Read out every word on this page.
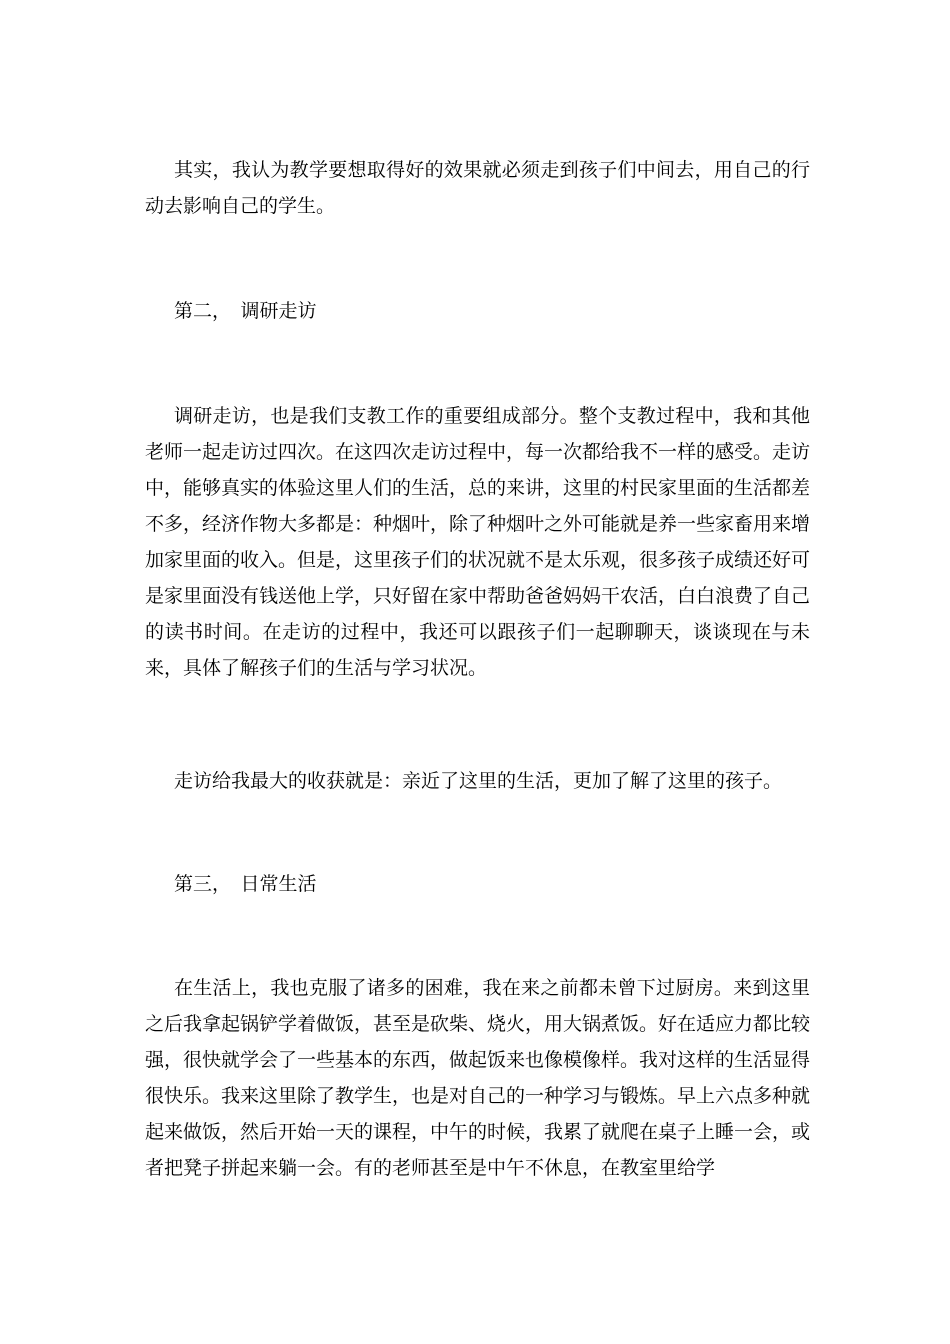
其实，我认为教学要想取得好的效果就必须走到孩子们中间去，用自己的行动去影响自己的学生。

第二，　调研走访

调研走访，也是我们支教工作的重要组成部分。整个支教过程中，我和其他老师一起走访过四次。在这四次走访过程中，每一次都给我不一样的感受。走访中，能够真实的体验这里人们的生活，总的来讲，这里的村民家里面的生活都差不多，经济作物大多都是：种烟叶，除了种烟叶之外可能就是养一些家畜用来增加家里面的收入。但是，这里孩子们的状况就不是太乐观，很多孩子成绩还好可是家里面没有钱送他上学，只好留在家中帮助爸爸妈妈干农活，白白浪费了自己的读书时间。在走访的过程中，我还可以跟孩子们一起聊聊天，谈谈现在与未来，具体了解孩子们的生活与学习状况。

走访给我最大的收获就是：亲近了这里的生活，更加了解了这里的孩子。

第三，　日常生活

在生活上，我也克服了诸多的困难，我在来之前都未曾下过厨房。来到这里之后我拿起锅铲学着做饭，甚至是砍柴、烧火，用大锅煮饭。好在适应力都比较强，很快就学会了一些基本的东西，做起饭来也像模像样。我对这样的生活显得很快乐。我来这里除了教学生，也是对自己的一种学习与锻炼。早上六点多种就起来做饭，然后开始一天的课程，中午的时候，我累了就爬在桌子上睡一会，或者把凳子拼起来躺一会。有的老师甚至是中午不休息，在教室里给学
